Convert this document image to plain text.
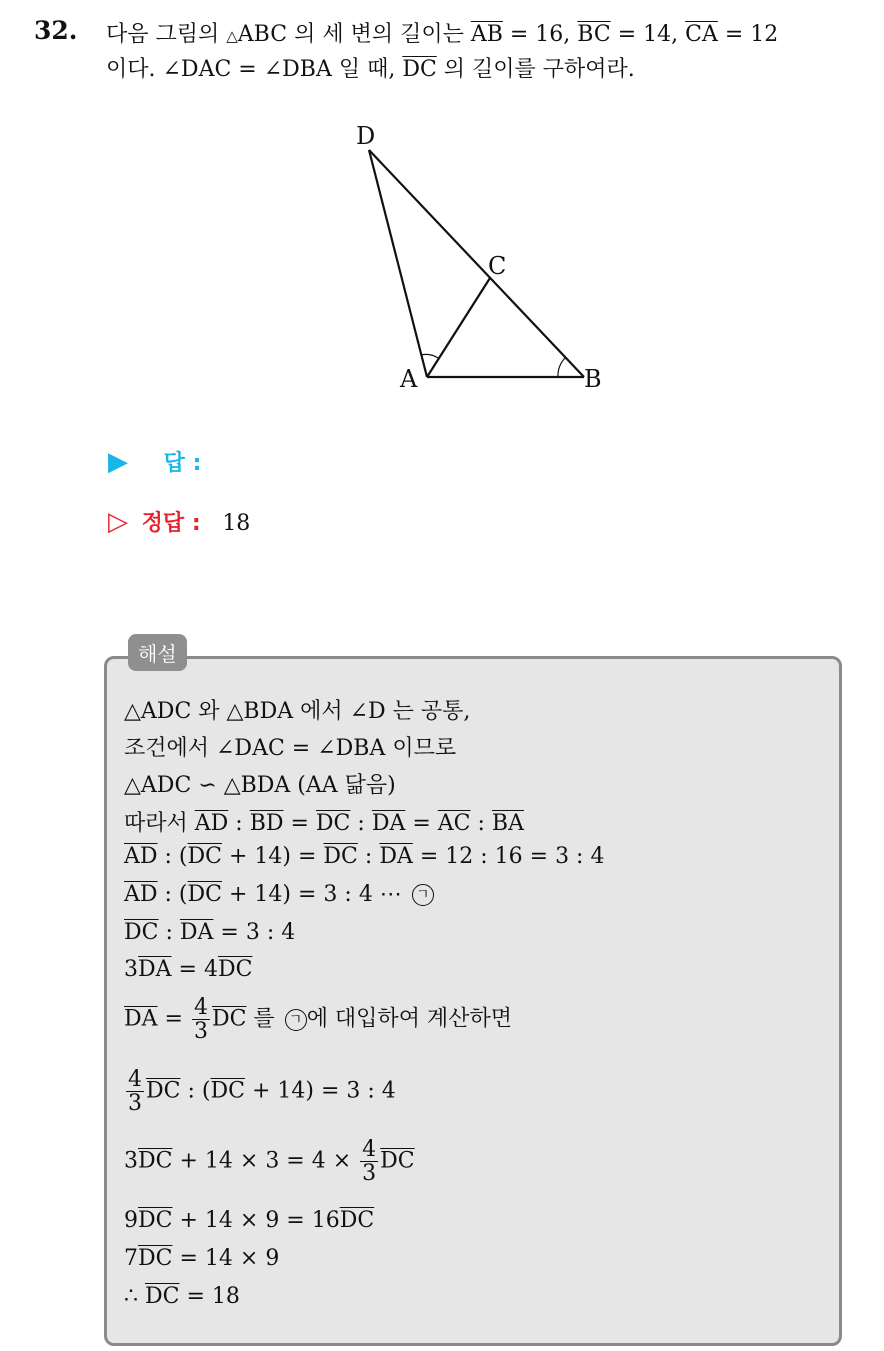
32. 다음 그림의 △ABC 의 세 변의 길이는 $\overline{AB} = 16$, $\overline{BC} = 14$, $\overline{CA} = 12$
이다. ∠DAC = ∠DBA 일 때, $\overline{DC}$ 의 길이를 구하여라.
D
C
A	B
▶ 답 :
▷ 정답 : 18
해설
△ADC 와 △BDA 에서 ∠D 는 공통,
조건에서 ∠DAC = ∠DBA 이므로
△ADC ∽ △BDA (AA 닮음)
따라서 $\overline{AD}$ : $\overline{BD} = \overline{DC}$ : $\overline{DA} = \overline{AC}$ : $\overline{BA}$
$\overline{AD}$ : $(\overline{DC} + 14) = \overline{DC}$ : $\overline{DA} = 12$ : 16 = 3 : 4
$\overline{AD}$ : $(\overline{DC} + 14) = 3$ : 4 ⋯ ㄱ
$\overline{DC}$ : $\overline{DA} = 3$ : 4
$3\overline{DA} = 4\overline{DC}$
$\overline{DA} = \frac{4}{3} \overline{DC}$ 를 ㄱ 에 대입하여 계산하면
$\frac{4}{3} \overline{DC}$ : $(\overline{DC} + 14) = 3$ : 4
$3\overline{DC} + 14 \times 3 = 4 \times \frac{4}{3} \overline{DC}$
$9\overline{DC} + 14 \times 9 = 16\overline{DC}$
$7\overline{DC} = 14 \times 9$
∴ $\overline{DC} = 18$
